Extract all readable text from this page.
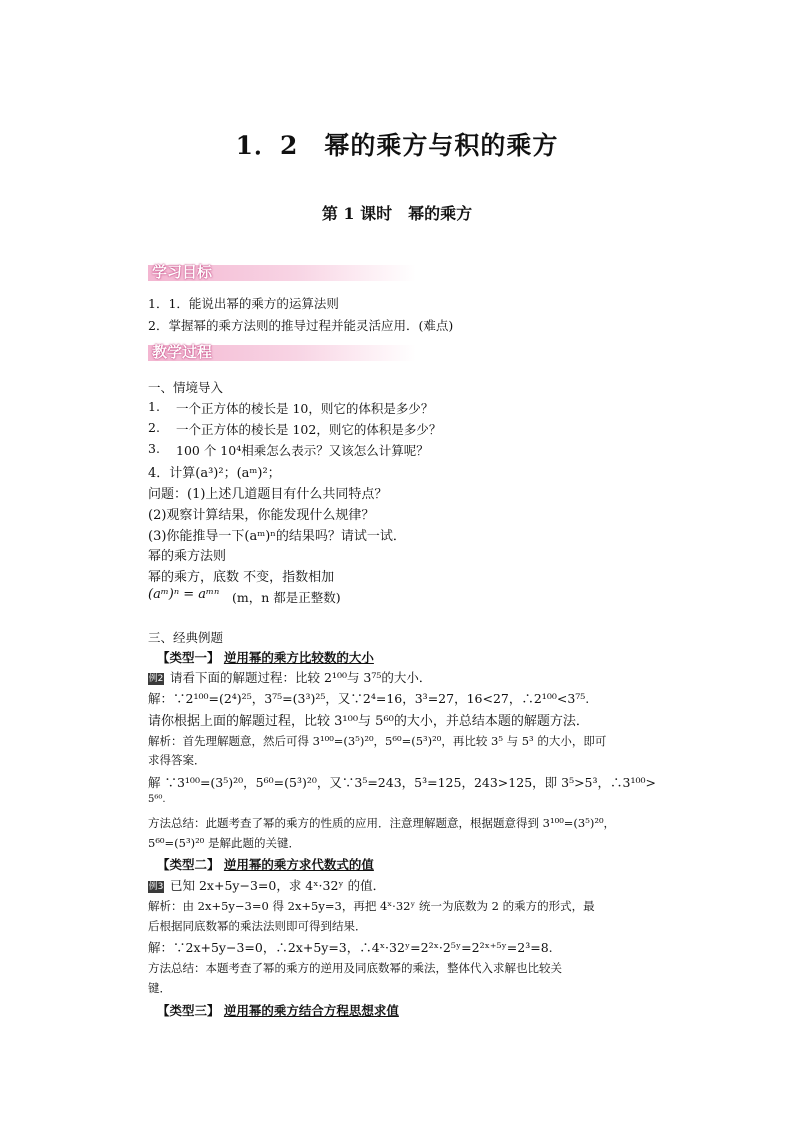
1．2　幂的乘方与积的乘方
第 1 课时　幂的乘方
学习目标
1．1．能说出幂的乘方的运算法则
2．掌握幂的乘方法则的推导过程并能灵活应用．(难点)
教学过程
一、情境导入
1. 一个正方体的棱长是 10，则它的体积是多少？
2. 一个正方体的棱长是 102，则它的体积是多少？
3. 100 个 10⁴相乘怎么表示？又该怎么计算呢？
4．计算(a³)²；(aᵐ)²；
问题：(1)上述几道题目有什么共同特点？
(2)观察计算结果，你能发现什么规律？
(3)你能推导一下(aᵐ)ⁿ的结果吗？请试一试．
幂的乘方法则
幂的乘方，底数 不变，指数相加
(aᵐ)ⁿ = aᵐⁿ (m，n 都是正整数)
三、经典例题
【类型一】 逆用幂的乘方比较数的大小
例2 请看下面的解题过程：比较 2¹⁰⁰与 3⁷⁵的大小．
解：∵2¹⁰⁰=(2⁴)²⁵，3⁷⁵=(3³)²⁵，又∵2⁴=16，3³=27，16<27，∴2¹⁰⁰<3⁷⁵.
请你根据上面的解题过程，比较 3¹⁰⁰与 5⁶⁰的大小，并总结本题的解题方法．
解析：首先理解题意，然后可得 3¹⁰⁰=(3⁵)²⁰，5⁶⁰=(5³)²⁰，再比较 3⁵ 与 5³ 的大小，即可
求得答案．
解 ∵3¹⁰⁰=(3⁵)²⁰，5⁶⁰=(5³)²⁰，又∵3⁵=243，5³=125，243>125，即 3⁵>5³，∴3¹⁰⁰>
5⁶⁰.
方法总结：此题考查了幂的乘方的性质的应用．注意理解题意，根据题意得到 3¹⁰⁰=(3⁵)²⁰，
5⁶⁰=(5³)²⁰ 是解此题的关键．
【类型二】 逆用幂的乘方求代数式的值
例3 已知 2x+5y−3=0，求 4ˣ·32ʸ 的值．
解析：由 2x+5y−3=0 得 2x+5y=3，再把 4ˣ·32ʸ 统一为底数为 2 的乘方的形式，最
后根据同底数幂的乘法法则即可得到结果．
解：∵2x+5y−3=0，∴2x+5y=3，∴4ˣ·32ʸ=2²ˣ·2⁵ʸ=2²ˣ⁺⁵ʸ=2³=8.
方法总结：本题考查了幂的乘方的逆用及同底数幂的乘法，整体代入求解也比较关
键．
【类型三】 逆用幂的乘方结合方程思想求值
